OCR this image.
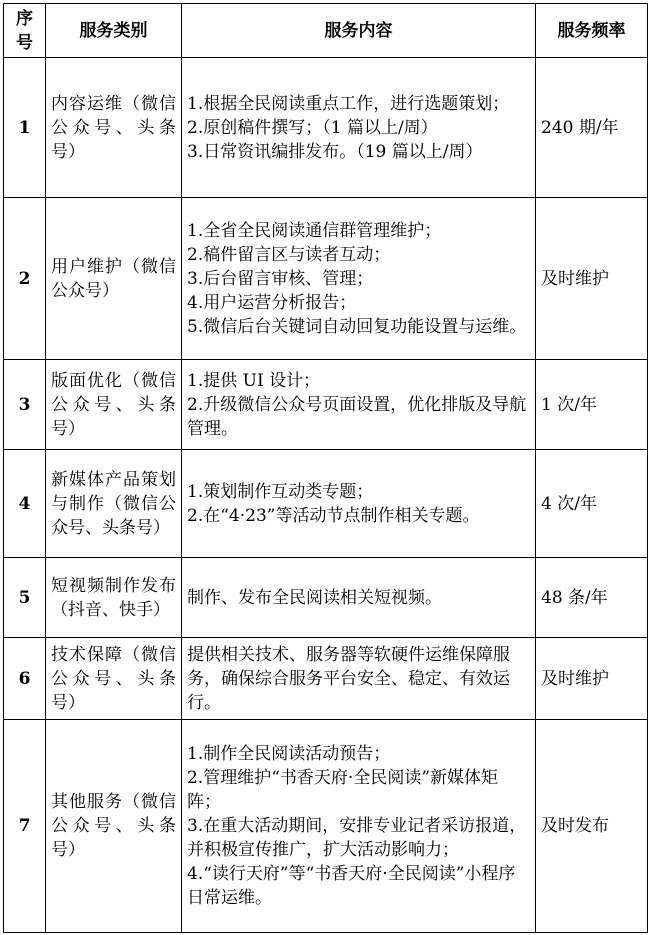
序号	服务类别	服务内容	服务频率
1	内容运维（微信公众号、头条号）	1.根据全民阅读重点工作，进行选题策划；
2.原创稿件撰写；（1 篇以上/周）
3.日常资讯编排发布。（19 篇以上/周）	240 期/年
2	用户维护（微信公众号）	1.全省全民阅读通信群管理维护；
2.稿件留言区与读者互动；
3.后台留言审核、管理；
4.用户运营分析报告；
5.微信后台关键词自动回复功能设置与运维。	及时维护
3	版面优化（微信公众号、头条号）	1.提供 UI 设计；
2.升级微信公众号页面设置，优化排版及导航管理。	1 次/年
4	新媒体产品策划与制作（微信公众号、头条号）	1.策划制作互动类专题；
2.在“4·23”等活动节点制作相关专题。	4 次/年
5	短视频制作发布（抖音、快手）	制作、发布全民阅读相关短视频。	48 条/年
6	技术保障（微信公众号、头条号）	提供相关技术、服务器等软硬件运维保障服务，确保综合服务平台安全、稳定、有效运行。	及时维护
7	其他服务（微信公众号、头条号）	1.制作全民阅读活动预告；
2.管理维护“书香天府·全民阅读”新媒体矩阵；
3.在重大活动期间，安排专业记者采访报道，并积极宣传推广，扩大活动影响力；
4.“读行天府”等“书香天府·全民阅读”小程序日常运维。	及时发布
